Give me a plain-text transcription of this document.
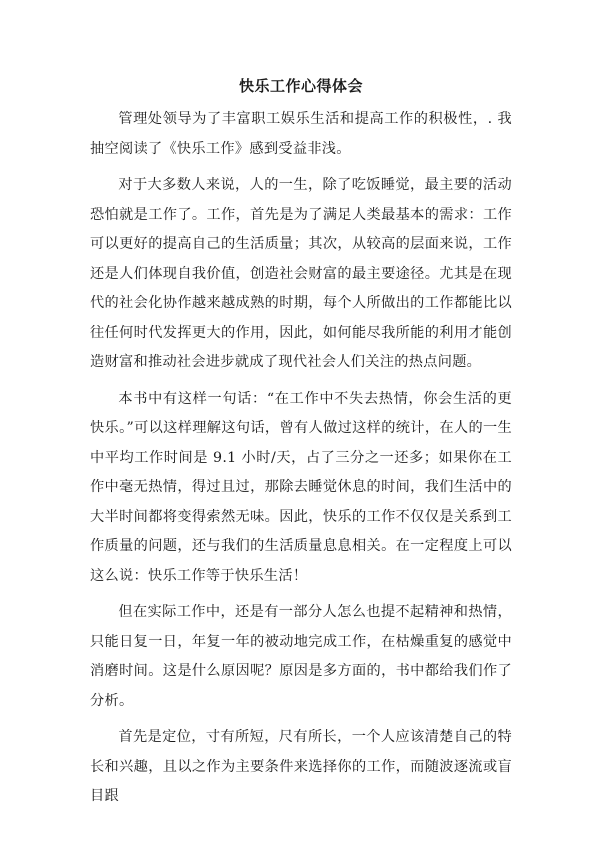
快乐工作心得体会

管理处领导为了丰富职工娱乐生活和提高工作的积极性，. 我抽空阅读了《快乐工作》感到受益非浅。

对于大多数人来说，人的一生，除了吃饭睡觉，最主要的活动恐怕就是工作了。工作，首先是为了满足人类最基本的需求：工作可以更好的提高自己的生活质量；其次，从较高的层面来说，工作还是人们体现自我价值，创造社会财富的最主要途径。尤其是在现代的社会化协作越来越成熟的时期，每个人所做出的工作都能比以往任何时代发挥更大的作用，因此，如何能尽我所能的利用才能创造财富和推动社会进步就成了现代社会人们关注的热点问题。

本书中有这样一句话：“在工作中不失去热情，你会生活的更快乐。”可以这样理解这句话，曾有人做过这样的统计，在人的一生中平均工作时间是 9.1 小时/天，占了三分之一还多；如果你在工作中毫无热情，得过且过，那除去睡觉休息的时间，我们生活中的大半时间都将变得索然无味。因此，快乐的工作不仅仅是关系到工作质量的问题，还与我们的生活质量息息相关。在一定程度上可以这么说：快乐工作等于快乐生活！

但在实际工作中，还是有一部分人怎么也提不起精神和热情，只能日复一日，年复一年的被动地完成工作，在枯燥重复的感觉中消磨时间。这是什么原因呢？原因是多方面的，书中都给我们作了分析。

首先是定位，寸有所短，尺有所长，一个人应该清楚自己的特长和兴趣，且以之作为主要条件来选择你的工作，而随波逐流或盲目跟
